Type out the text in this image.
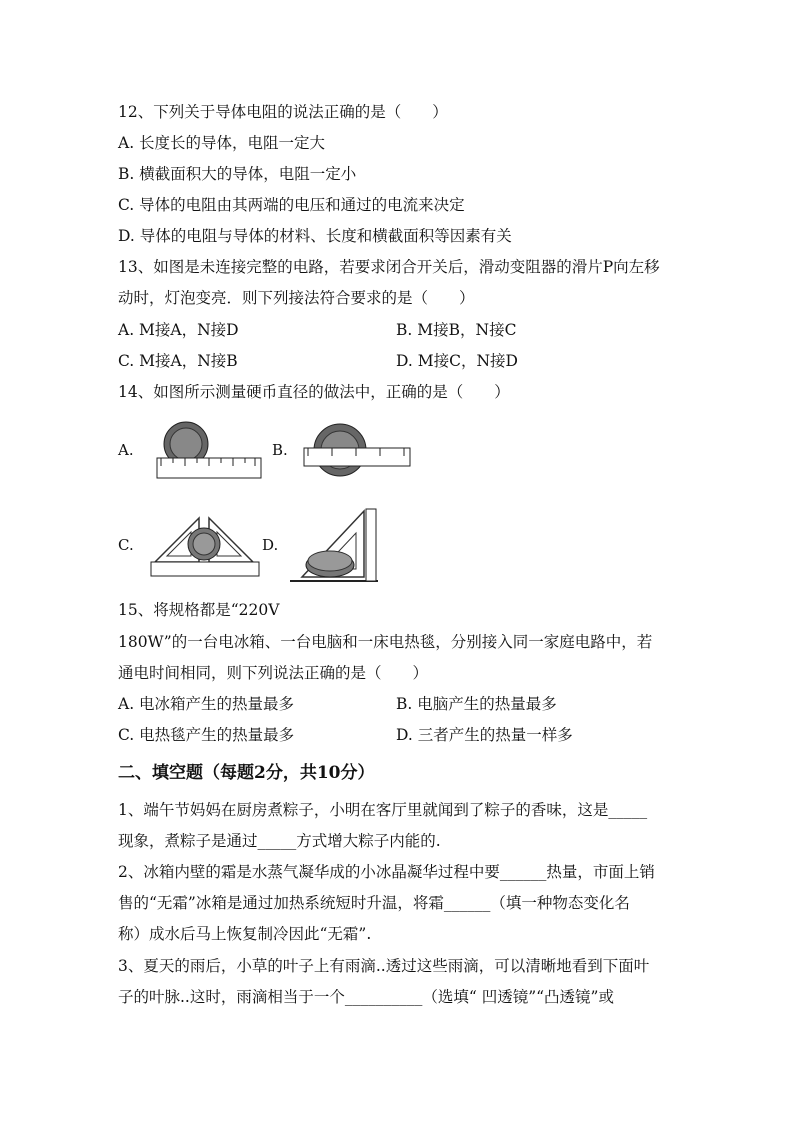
12、下列关于导体电阻的说法正确的是（　　）
A. 长度长的导体，电阻一定大
B. 横截面积大的导体，电阻一定小
C. 导体的电阻由其两端的电压和通过的电流来决定
D. 导体的电阻与导体的材料、长度和横截面积等因素有关
13、如图是未连接完整的电路，若要求闭合开关后，滑动变阻器的滑片P向左移
动时，灯泡变亮．则下列接法符合要求的是（　　）
A. M接A，N接D	B. M接B，N接C
C. M接A，N接B	D. M接C，N接D
14、如图所示测量硬币直径的做法中，正确的是（　　）
A.	B.
C.	D.
15、将规格都是“220V
180W”的一台电冰箱、一台电脑和一床电热毯，分别接入同一家庭电路中，若
通电时间相同，则下列说法正确的是（　　）
A. 电冰箱产生的热量最多	B. 电脑产生的热量最多
C. 电热毯产生的热量最多	D. 三者产生的热量一样多
二、填空题（每题2分，共10分）
1、端午节妈妈在厨房煮粽子，小明在客厅里就闻到了粽子的香味，这是_____
现象，煮粽子是通过_____方式增大粽子内能的.
2、冰箱内壁的霜是水蒸气凝华成的小冰晶凝华过程中要______热量，市面上销
售的“无霜”冰箱是通过加热系统短时升温，将霜______（填一种物态变化名
称）成水后马上恢复制冷因此“无霜”.
3、夏天的雨后，小草的叶子上有雨滴..透过这些雨滴，可以清晰地看到下面叶
子的叶脉..这时，雨滴相当于一个__________（选填“ 凹透镜”“凸透镜”或
